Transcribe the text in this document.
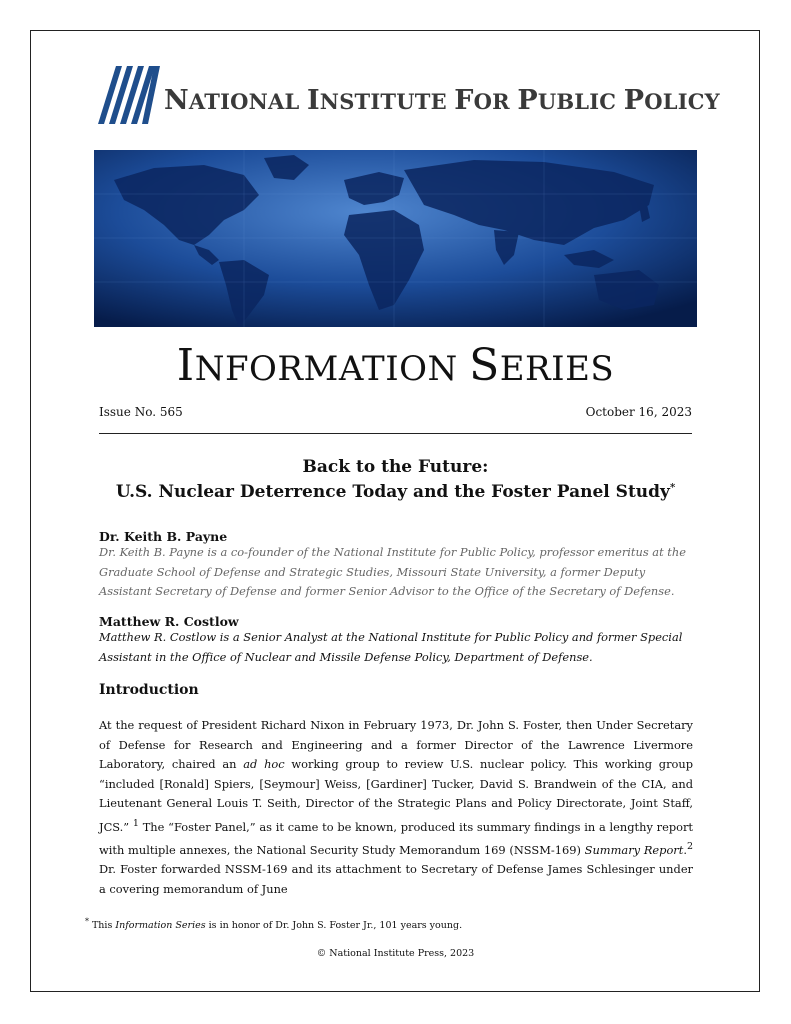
NATIONAL INSTITUTE FOR PUBLIC POLICY
INFORMATION SERIES
Issue No. 565	October 16, 2023
Back to the Future:
U.S. Nuclear Deterrence Today and the Foster Panel Study*
Dr. Keith B. Payne
Dr. Keith B. Payne is a co-founder of the National Institute for Public Policy, professor emeritus at the Graduate School of Defense and Strategic Studies, Missouri State University, a former Deputy Assistant Secretary of Defense and former Senior Advisor to the Office of the Secretary of Defense.
Matthew R. Costlow
Matthew R. Costlow is a Senior Analyst at the National Institute for Public Policy and former Special Assistant in the Office of Nuclear and Missile Defense Policy, Department of Defense.
Introduction
At the request of President Richard Nixon in February 1973, Dr. John S. Foster, then Under Secretary of Defense for Research and Engineering and a former Director of the Lawrence Livermore Laboratory, chaired an ad hoc working group to review U.S. nuclear policy. This working group “included [Ronald] Spiers, [Seymour] Weiss, [Gardiner] Tucker, David S. Brandwein of the CIA, and Lieutenant General Louis T. Seith, Director of the Strategic Plans and Policy Directorate, Joint Staff, JCS.” $^1$ The “Foster Panel,” as it came to be known, produced its summary findings in a lengthy report with multiple annexes, the National Security Study Memorandum 169 (NSSM-169) Summary Report.$^2$ Dr. Foster forwarded NSSM-169 and its attachment to Secretary of Defense James Schlesinger under a covering memorandum of June
* This Information Series is in honor of Dr. John S. Foster Jr., 101 years young.
© National Institute Press, 2023
